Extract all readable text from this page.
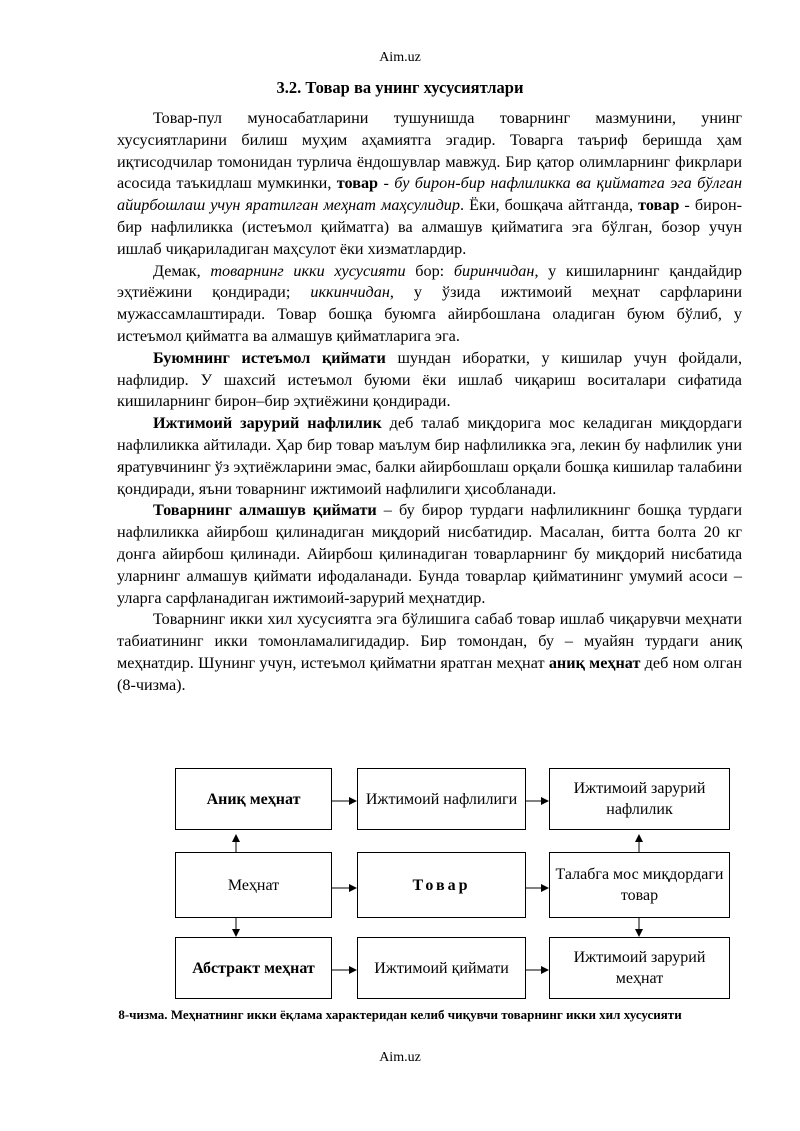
Aim.uz
3.2. Товар ва унинг хусусиятлари

Товар-пул муносабатларини тушунишда товарнинг мазмунини, унинг хусусиятларини билиш муҳим аҳамиятга эгадир. Товарга таъриф беришда ҳам иқтисодчилар томонидан турлича ёндошувлар мавжуд. Бир қатор олимларнинг фикрлари асосида таъкидлаш мумкинки, товар - бу бирон-бир нафлиликка ва қийматга эга бўлган айирбошлаш учун яратилган меҳнат маҳсулидир. Ёки, бошқача айтганда, товар - бирон-бир нафлиликка (истеъмол қийматга) ва алмашув қийматига эга бўлган, бозор учун ишлаб чиқариладиган маҳсулот ёки хизматлардир.

Демак, товарнинг икки хусусияти бор: биринчидан, у кишиларнинг қандайдир эҳтиёжини қондиради; иккинчидан, у ўзида ижтимоий меҳнат сарфларини мужассамлаштиради. Товар бошқа буюмга айирбошлана оладиган буюм бўлиб, у истеъмол қийматга ва алмашув қийматларига эга.

Буюмнинг истеъмол қиймати шундан иборатки, у кишилар учун фойдали, нафлидир. У шахсий истеъмол буюми ёки ишлаб чиқариш воситалари сифатида кишиларнинг бирон–бир эҳтиёжини қондиради.

Ижтимоий зарурий нафлилик деб талаб миқдорига мос келадиган миқдордаги нафлиликка айтилади. Ҳар бир товар маълум бир нафлиликка эга, лекин бу нафлилик уни яратувчининг ўз эҳтиёжларини эмас, балки айирбошлаш орқали бошқа кишилар талабини қондиради, яъни товарнинг ижтимоий нафлилиги ҳисобланади.

Товарнинг алмашув қиймати – бу бирор турдаги нафлиликнинг бошқа турдаги нафлиликка айирбош қилинадиган миқдорий нисбатидир. Масалан, битта болта 20 кг донга айирбош қилинади. Айирбош қилинадиган товарларнинг бу миқдорий нисбатида уларнинг алмашув қиймати ифодаланади. Бунда товарлар қийматининг умумий асоси – уларга сарфланадиган ижтимоий-зарурий меҳнатдир.

Товарнинг икки хил хусусиятга эга бўлишига сабаб товар ишлаб чиқарувчи меҳнати табиатининг икки томонламалигидадир. Бир томондан, бу – муайян турдаги аниқ меҳнатдир. Шунинг учун, истеъмол қийматни яратган меҳнат аниқ меҳнат деб ном олган (8-чизма).

Аниқ меҳнат	Ижтимоий нафлилиги
Ижтимоий зарурий нафлилик
Меҳнат	Товар
Талабга мос миқдордаги товар
Абстракт меҳнат	Ижтимоий қиймати
Ижтимоий зарурий меҳнат
8-чизма. Меҳнатнинг икки ёқлама характеридан келиб чиқувчи товарнинг икки хил хусусияти
Aim.uz
